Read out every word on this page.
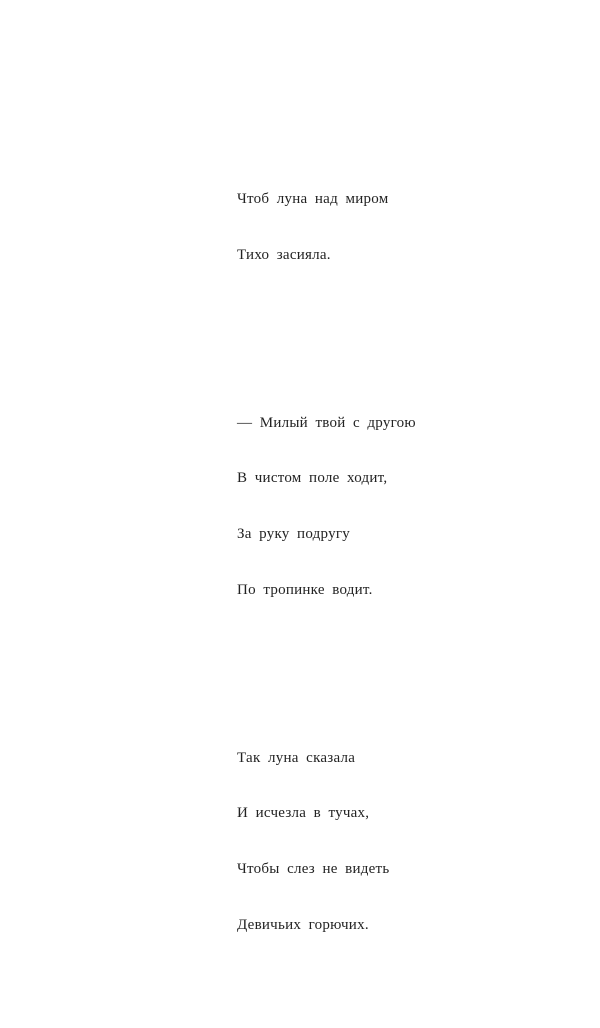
Чтоб луна над миром

Тихо засияла.

— Милый твой с другою

В чистом поле ходит,

За руку подругу

По тропинке водит.

Так луна сказала

И исчезла в тучах,

Чтобы слез не видеть

Девичьих горючих.
